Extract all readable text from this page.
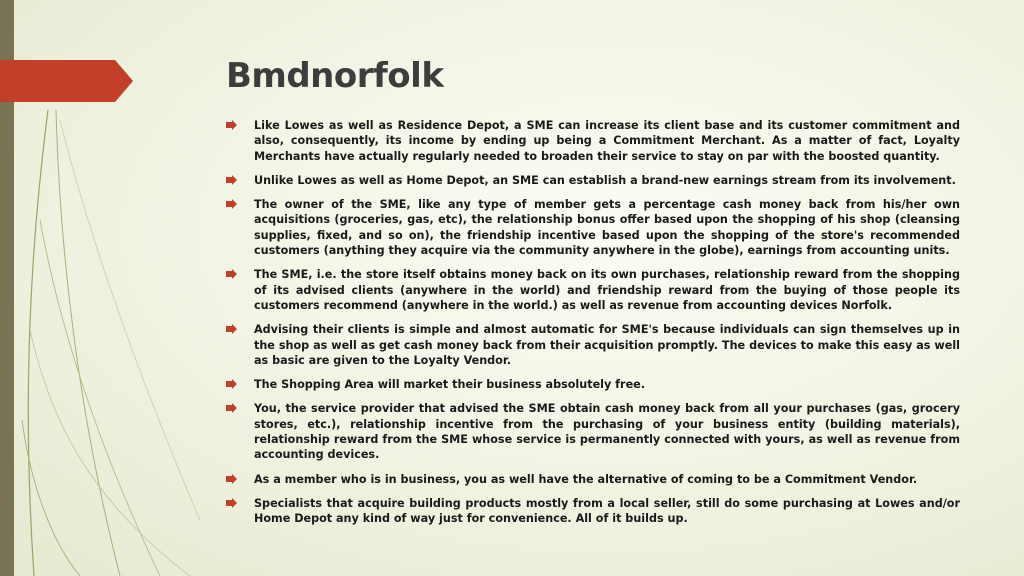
Bmdnorfolk
Like Lowes as well as Residence Depot, a SME can increase its client base and its customer commitment and also, consequently, its income by ending up being a Commitment Merchant. As a matter of fact, Loyalty Merchants have actually regularly needed to broaden their service to stay on par with the boosted quantity.
Unlike Lowes as well as Home Depot, an SME can establish a brand-new earnings stream from its involvement.
The owner of the SME, like any type of member gets a percentage cash money back from his/her own acquisitions (groceries, gas, etc), the relationship bonus offer based upon the shopping of his shop (cleansing supplies, fixed, and so on), the friendship incentive based upon the shopping of the store's recommended customers (anything they acquire via the community anywhere in the globe), earnings from accounting units.
The SME, i.e. the store itself obtains money back on its own purchases, relationship reward from the shopping of its advised clients (anywhere in the world) and friendship reward from the buying of those people its customers recommend (anywhere in the world.) as well as revenue from accounting devices Norfolk.
Advising their clients is simple and almost automatic for SME's because individuals can sign themselves up in the shop as well as get cash money back from their acquisition promptly. The devices to make this easy as well as basic are given to the Loyalty Vendor.
The Shopping Area will market their business absolutely free.
You, the service provider that advised the SME obtain cash money back from all your purchases (gas, grocery stores, etc.), relationship incentive from the purchasing of your business entity (building materials), relationship reward from the SME whose service is permanently connected with yours, as well as revenue from accounting devices.
As a member who is in business, you as well have the alternative of coming to be a Commitment Vendor.
Specialists that acquire building products mostly from a local seller, still do some purchasing at Lowes and/or Home Depot any kind of way just for convenience. All of it builds up.
